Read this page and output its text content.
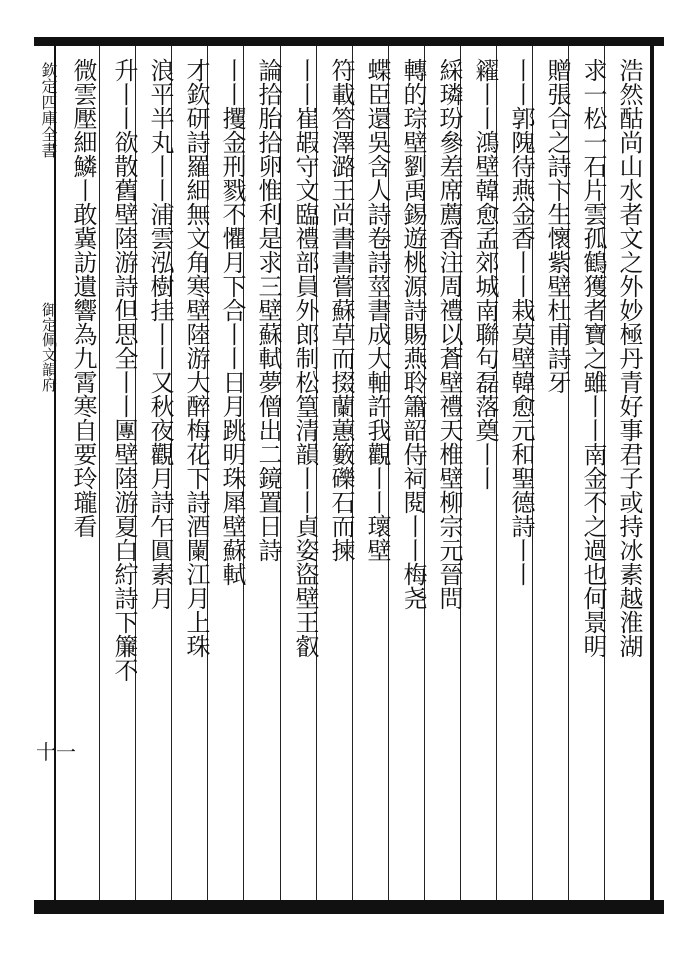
欽定四庫全書
御定佩文韻府
十一
浩然酤尚山水者文之外妙極丹青好事君子或持冰素越淮湖
求一松一石片雲孤鶴獲者寶之雖丨丨南金不之過也何景明
贈張合之詩卞生懷紫壁杜甫詩牙
丨丨郭隗待燕金香丨丨栽莫壁韓愈元和聖德詩丨丨
糴丨丨鴻壁韓愈孟郊城南聯句磊落奠丨丨
綵璘玢參差席薦香注周禮以蒼壁禮天椎壁柳宗元晉問
轉的琮壁劉禹錫遊桃源詩賜燕聆簫韶侍祠閱丨丨梅尧
蝶臣還吳含人詩卷詩莖書成大軸許我觀丨丨瓌壁
符載答澤潞王尚書書嘗蘇草而掇蘭蕙籔礫石而揀
丨丨崔嘏守文臨禮部員外郎制松篁清韻丨丨貞姿盜壁王叡
論拾胎拾卵惟利是求三壁蘇軾夢僧出二鏡置日詩
丨丨攫金刑戮不懼月下合丨丨日月跳明珠犀壁蘇軾
才欽研詩羅細無文角寒壁陸游大醉梅花下詩酒闌江月上珠
浪平半丸丨丨浦雲泓樹挂丨丨又秋夜觀月詩乍圓素月
升丨丨欲散舊壁陸游詩但思全丨丨團壁陸游夏白紵詩下簾不
微雲壓細鱗丨敢冀訪遺響為九霄寒自要玲瓏看
